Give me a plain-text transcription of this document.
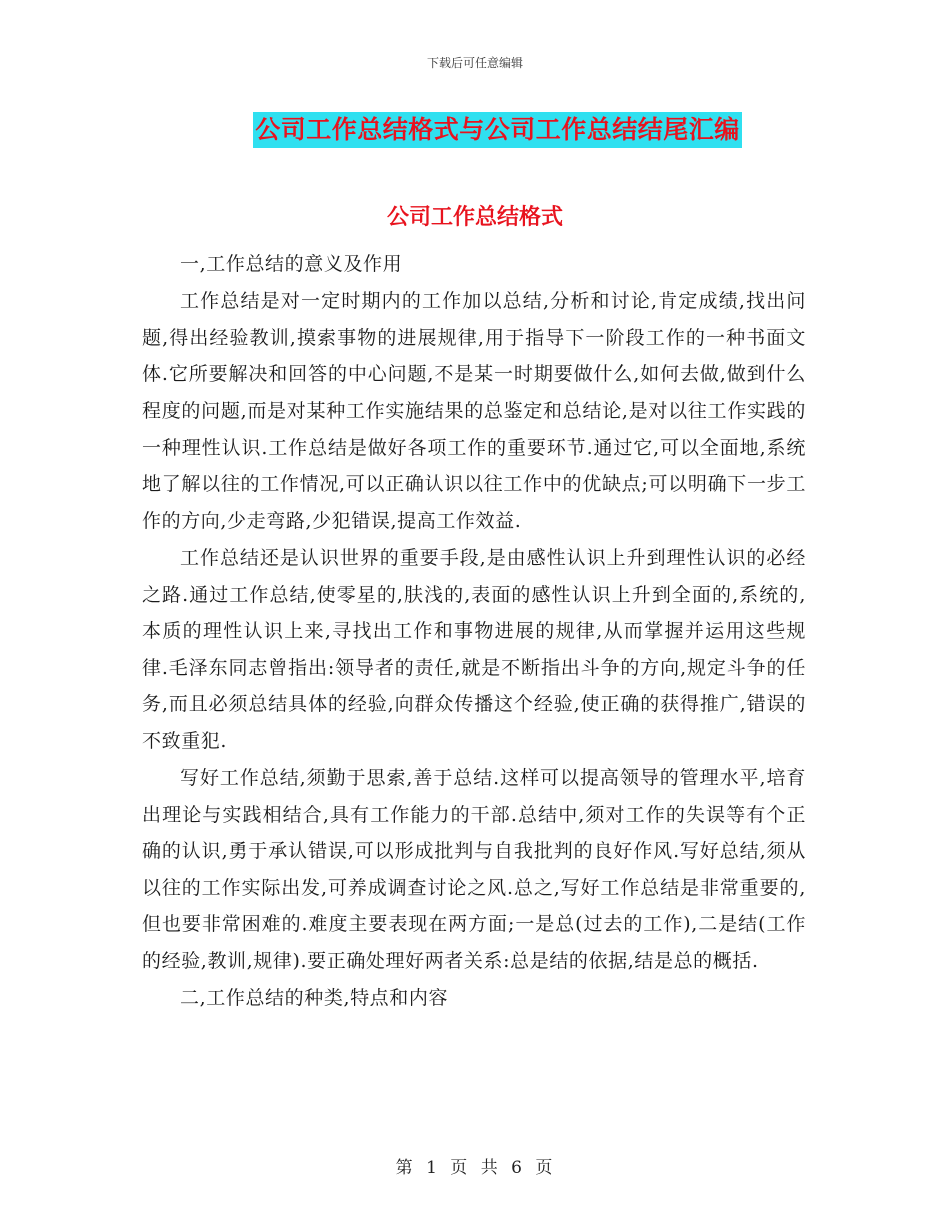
下载后可任意编辑
公司工作总结格式与公司工作总结结尾汇编
公司工作总结格式

一,工作总结的意义及作用

工作总结是对一定时期内的工作加以总结,分析和讨论,肯定成绩,找出问题,得出经验教训,摸索事物的进展规律,用于指导下一阶段工作的一种书面文体.它所要解决和回答的中心问题,不是某一时期要做什么,如何去做,做到什么程度的问题,而是对某种工作实施结果的总鉴定和总结论,是对以往工作实践的一种理性认识.工作总结是做好各项工作的重要环节.通过它,可以全面地,系统地了解以往的工作情况,可以正确认识以往工作中的优缺点;可以明确下一步工作的方向,少走弯路,少犯错误,提高工作效益.

工作总结还是认识世界的重要手段,是由感性认识上升到理性认识的必经之路.通过工作总结,使零星的,肤浅的,表面的感性认识上升到全面的,系统的,本质的理性认识上来,寻找出工作和事物进展的规律,从而掌握并运用这些规律.毛泽东同志曾指出:领导者的责任,就是不断指出斗争的方向,规定斗争的任务,而且必须总结具体的经验,向群众传播这个经验,使正确的获得推广,错误的不致重犯.

写好工作总结,须勤于思索,善于总结.这样可以提高领导的管理水平,培育出理论与实践相结合,具有工作能力的干部.总结中,须对工作的失误等有个正确的认识,勇于承认错误,可以形成批判与自我批判的良好作风.写好总结,须从以往的工作实际出发,可养成调查讨论之风.总之,写好工作总结是非常重要的,但也要非常困难的.难度主要表现在两方面;一是总(过去的工作),二是结(工作的经验,教训,规律).要正确处理好两者关系:总是结的依据,结是总的概括.

二,工作总结的种类,特点和内容

第 1 页 共 6 页
